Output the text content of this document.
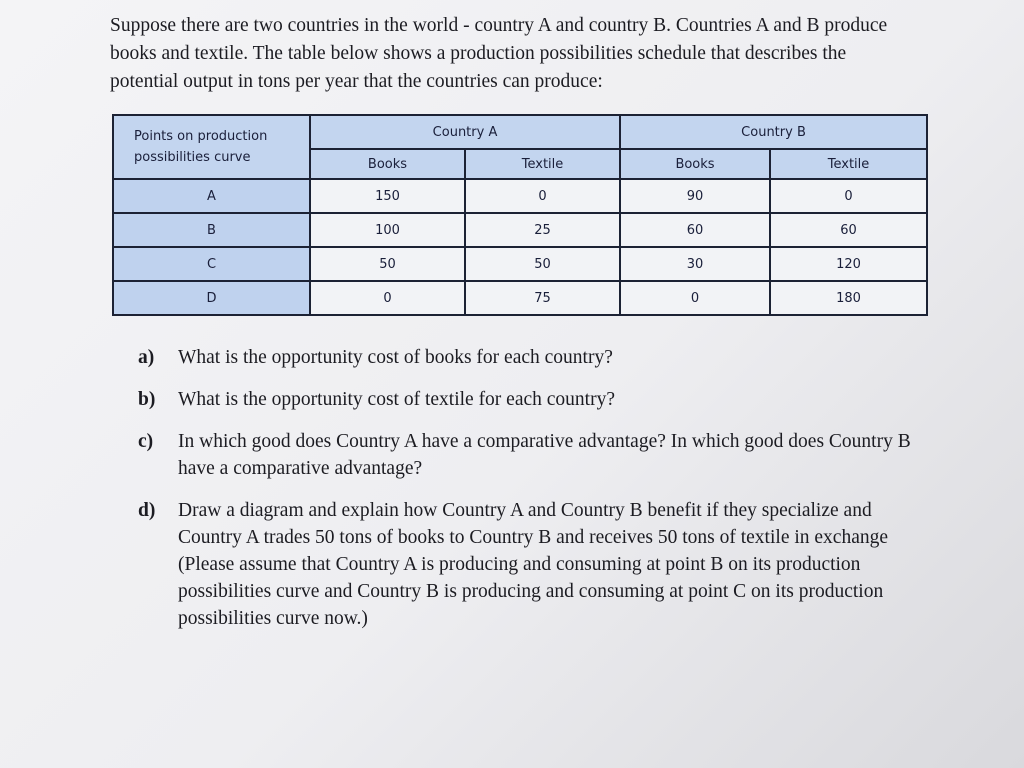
Suppose there are two countries in the world - country A and country B. Countries A and B produce books and textile. The table below shows a production possibilities schedule that describes the potential output in tons per year that the countries can produce:

Points on production possibilities curve	Country A		Country B	
	Books	Textile	Books	Textile
A	150	0	90	0
B	100	25	60	60
C	50	50	30	120
D	0	75	0	180
a) What is the opportunity cost of books for each country?
b) What is the opportunity cost of textile for each country?
c) In which good does Country A have a comparative advantage? In which good does Country B have a comparative advantage?
d) Draw a diagram and explain how Country A and Country B benefit if they specialize and Country A trades 50 tons of books to Country B and receives 50 tons of textile in exchange (Please assume that Country A is producing and consuming at point B on its production possibilities curve and Country B is producing and consuming at point C on its production possibilities curve now.)
